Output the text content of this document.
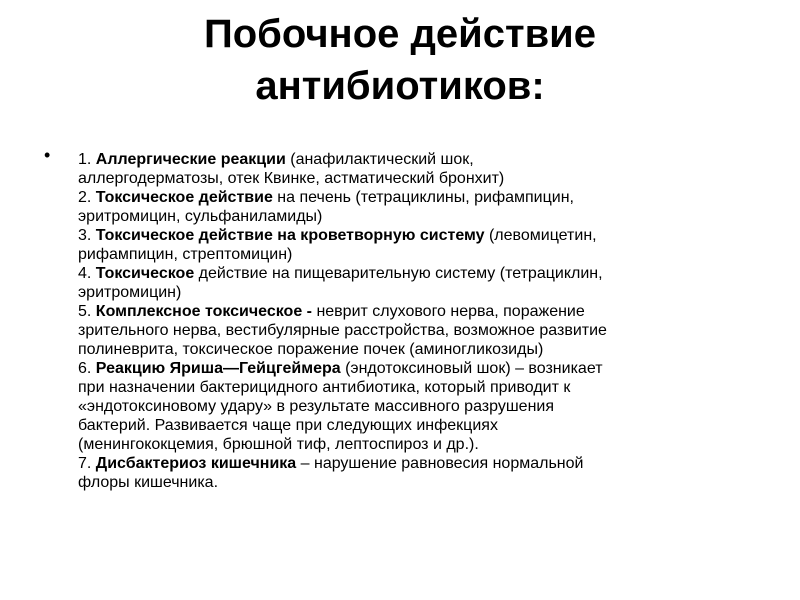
Побочное действие
антибиотиков:
• 1. Аллергические реакции (анафилактический шок,
аллергодерматозы, отек Квинке, астматический бронхит)
2. Токсическое действие на печень (тетрациклины, рифампицин,
эритромицин, сульфаниламиды)
3. Токсическое действие на кроветворную систему (левомицетин,
рифампицин, стрептомицин)
4. Токсическое действие на пищеварительную систему (тетрациклин,
эритромицин)
5. Комплексное токсическое - неврит слухового нерва, поражение
зрительного нерва, вестибулярные расстройства, возможное развитие
полиневрита, токсическое поражение почек (аминогликозиды)
6. Реакцию Яриша—Гейцгеймера (эндотоксиновый шок) – возникает
при назначении бактерицидного антибиотика, который приводит к
«эндотоксиновому удару» в результате массивного разрушения
бактерий. Развивается чаще при следующих инфекциях
(менингококцемия, брюшной тиф, лептоспироз и др.).
7. Дисбактериоз кишечника – нарушение равновесия нормальной
флоры кишечника.
